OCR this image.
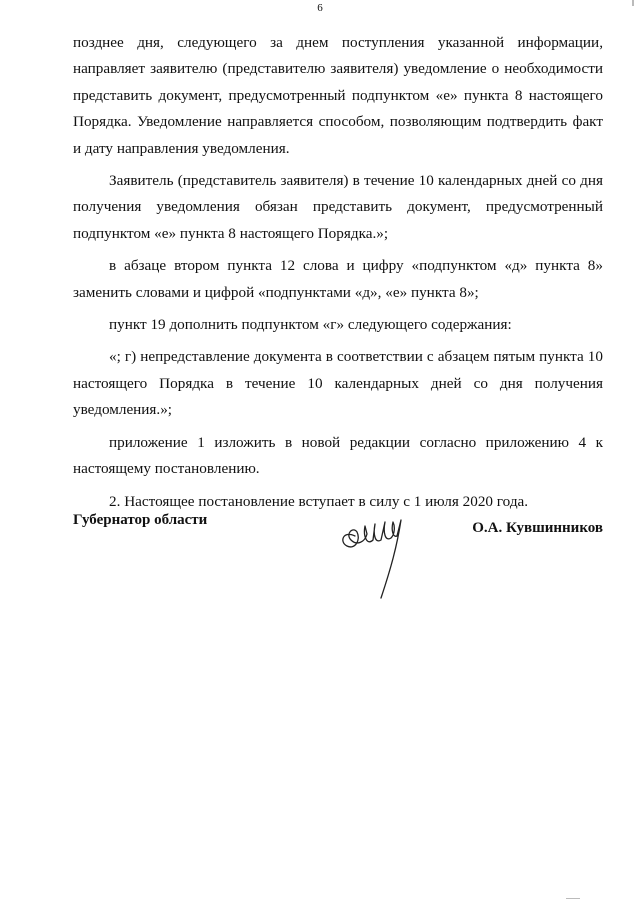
6

позднее дня, следующего за днем поступления указанной информации, направляет заявителю (представителю заявителя) уведомление о необходимости представить документ, предусмотренный подпунктом «е» пункта 8 настоящего Порядка. Уведомление направляется способом, позволяющим подтвердить факт и дату направления уведомления.

Заявитель (представитель заявителя) в течение 10 календарных дней со дня получения уведомления обязан представить документ, предусмотренный подпунктом «е» пункта 8 настоящего Порядка.»;

в абзаце втором пункта 12 слова и цифру «подпунктом «д» пункта 8» заменить словами и цифрой «подпунктами «д», «е» пункта 8»;

пункт 19 дополнить подпунктом «г» следующего содержания:

«; г) непредставление документа в соответствии с абзацем пятым пункта 10 настоящего Порядка в течение 10 календарных дней со дня получения уведомления.»;

приложение 1 изложить в новой редакции согласно приложению 4 к настоящему постановлению.

2. Настоящее постановление вступает в силу с 1 июля 2020 года.

Губернатор области	О.А. Кувшинников
